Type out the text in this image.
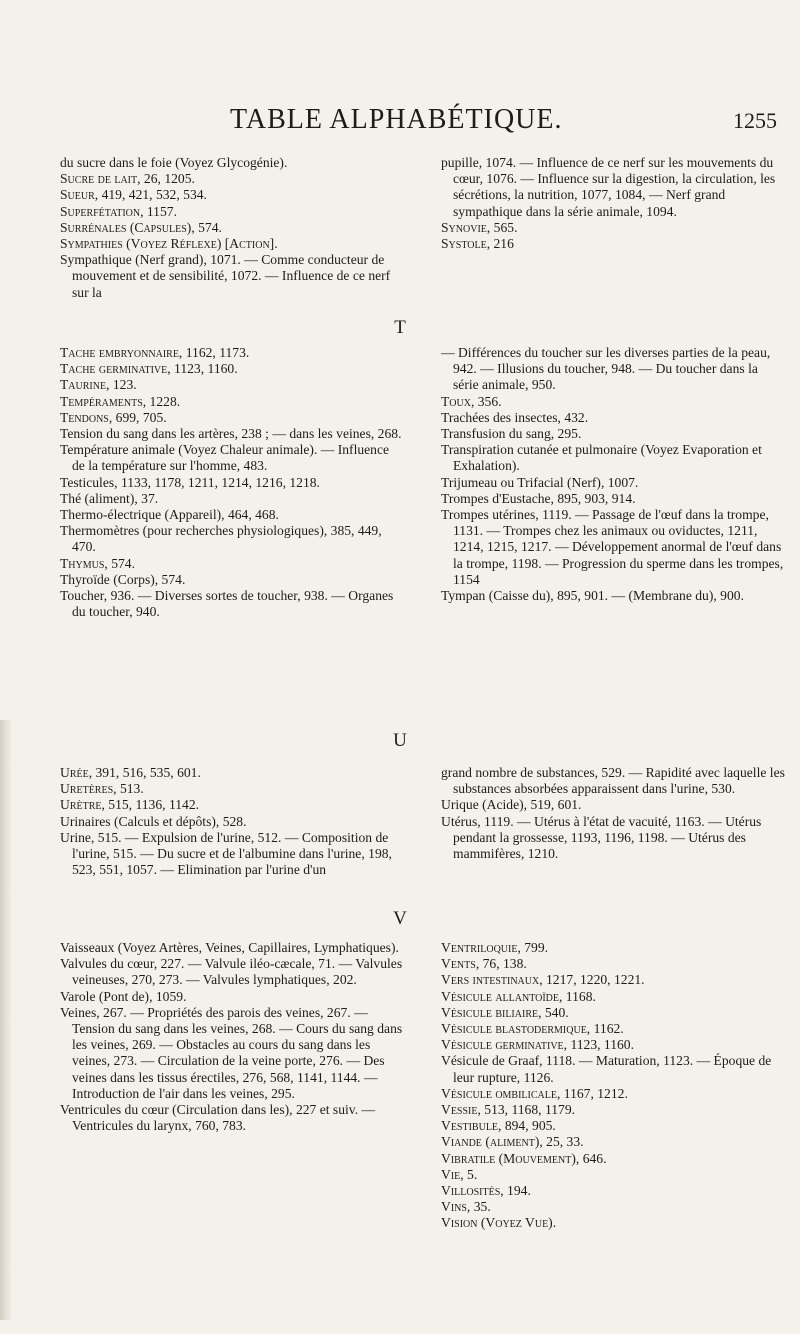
TABLE ALPHABÉTIQUE.	1255
du sucre dans le foie (Voyez Glycogénie).
Sucre de lait, 26, 1205.
Sueur, 419, 421, 532, 534.
Superfétation, 1157.
Surrénales (Capsules), 574.
Sympathies (Voyez Réflexe) [Action].
Sympathique (Nerf grand), 1071. — Comme conducteur de mouvement et de sensibilité, 1072. — Influence de ce nerf sur la
pupille, 1074. — Influence de ce nerf sur les mouvements du cœur, 1076. — Influence sur la digestion, la circulation, les sécrétions, la nutrition, 1077, 1084, — Nerf grand sympathique dans la série animale, 1094.
Synovie, 565.
Systole, 216
T
Tache embryonnaire, 1162, 1173.
Tache germinative, 1123, 1160.
Taurine, 123.
Tempéraments, 1228.
Tendons, 699, 705.
Tension du sang dans les artères, 238 ; — dans les veines, 268.
Température animale (Voyez Chaleur animale). — Influence de la température sur l'homme, 483.
Testicules, 1133, 1178, 1211, 1214, 1216, 1218.
Thé (aliment), 37.
Thermo-électrique (Appareil), 464, 468.
Thermomètres (pour recherches physiologiques), 385, 449, 470.
Thymus, 574.
Thyroïde (Corps), 574.
Toucher, 936. — Diverses sortes de toucher, 938. — Organes du toucher, 940.
— Différences du toucher sur les diverses parties de la peau, 942. — Illusions du toucher, 948. — Du toucher dans la série animale, 950.
Toux, 356.
Trachées des insectes, 432.
Transfusion du sang, 295.
Transpiration cutanée et pulmonaire (Voyez Evaporation et Exhalation).
Trijumeau ou Trifacial (Nerf), 1007.
Trompes d'Eustache, 895, 903, 914.
Trompes utérines, 1119. — Passage de l'œuf dans la trompe, 1131. — Trompes chez les animaux ou oviductes, 1211, 1214, 1215, 1217. — Développement anormal de l'œuf dans la trompe, 1198. — Progression du sperme dans les trompes, 1154
Tympan (Caisse du), 895, 901. — (Membrane du), 900.
U
Urée, 391, 516, 535, 601.
Uretères, 513.
Urètre, 515, 1136, 1142.
Urinaires (Calculs et dépôts), 528.
Urine, 515. — Expulsion de l'urine, 512. — Composition de l'urine, 515. — Du sucre et de l'albumine dans l'urine, 198, 523, 551, 1057. — Elimination par l'urine d'un
grand nombre de substances, 529. — Rapidité avec laquelle les substances absorbées apparaissent dans l'urine, 530.
Urique (Acide), 519, 601.
Utérus, 1119. — Utérus à l'état de vacuité, 1163. — Utérus pendant la grossesse, 1193, 1196, 1198. — Utérus des mammifères, 1210.
V
Vaisseaux (Voyez Artères, Veines, Capillaires, Lymphatiques).
Valvules du cœur, 227. — Valvule iléo-cæcale, 71. — Valvules veineuses, 270, 273. — Valvules lymphatiques, 202.
Varole (Pont de), 1059.
Veines, 267. — Propriétés des parois des veines, 267. — Tension du sang dans les veines, 268. — Cours du sang dans les veines, 269. — Obstacles au cours du sang dans les veines, 273. — Circulation de la veine porte, 276. — Des veines dans les tissus érectiles, 276, 568, 1141, 1144. — Introduction de l'air dans les veines, 295.
Ventricules du cœur (Circulation dans les), 227 et suiv. — Ventricules du larynx, 760, 783.
Ventriloquie, 799.
Vents, 76, 138.
Vers intestinaux, 1217, 1220, 1221.
Vésicule allantoïde, 1168.
Vésicule biliaire, 540.
Vésicule blastodermique, 1162.
Vésicule germinative, 1123, 1160.
Vésicule de Graaf, 1118. — Maturation, 1123. — Époque de leur rupture, 1126.
Vésicule ombilicale, 1167, 1212.
Vessie, 513, 1168, 1179.
Vestibule, 894, 905.
Viande (aliment), 25, 33.
Vibratile (Mouvement), 646.
Vie, 5.
Villosités, 194.
Vins, 35.
Vision (Voyez Vue).
